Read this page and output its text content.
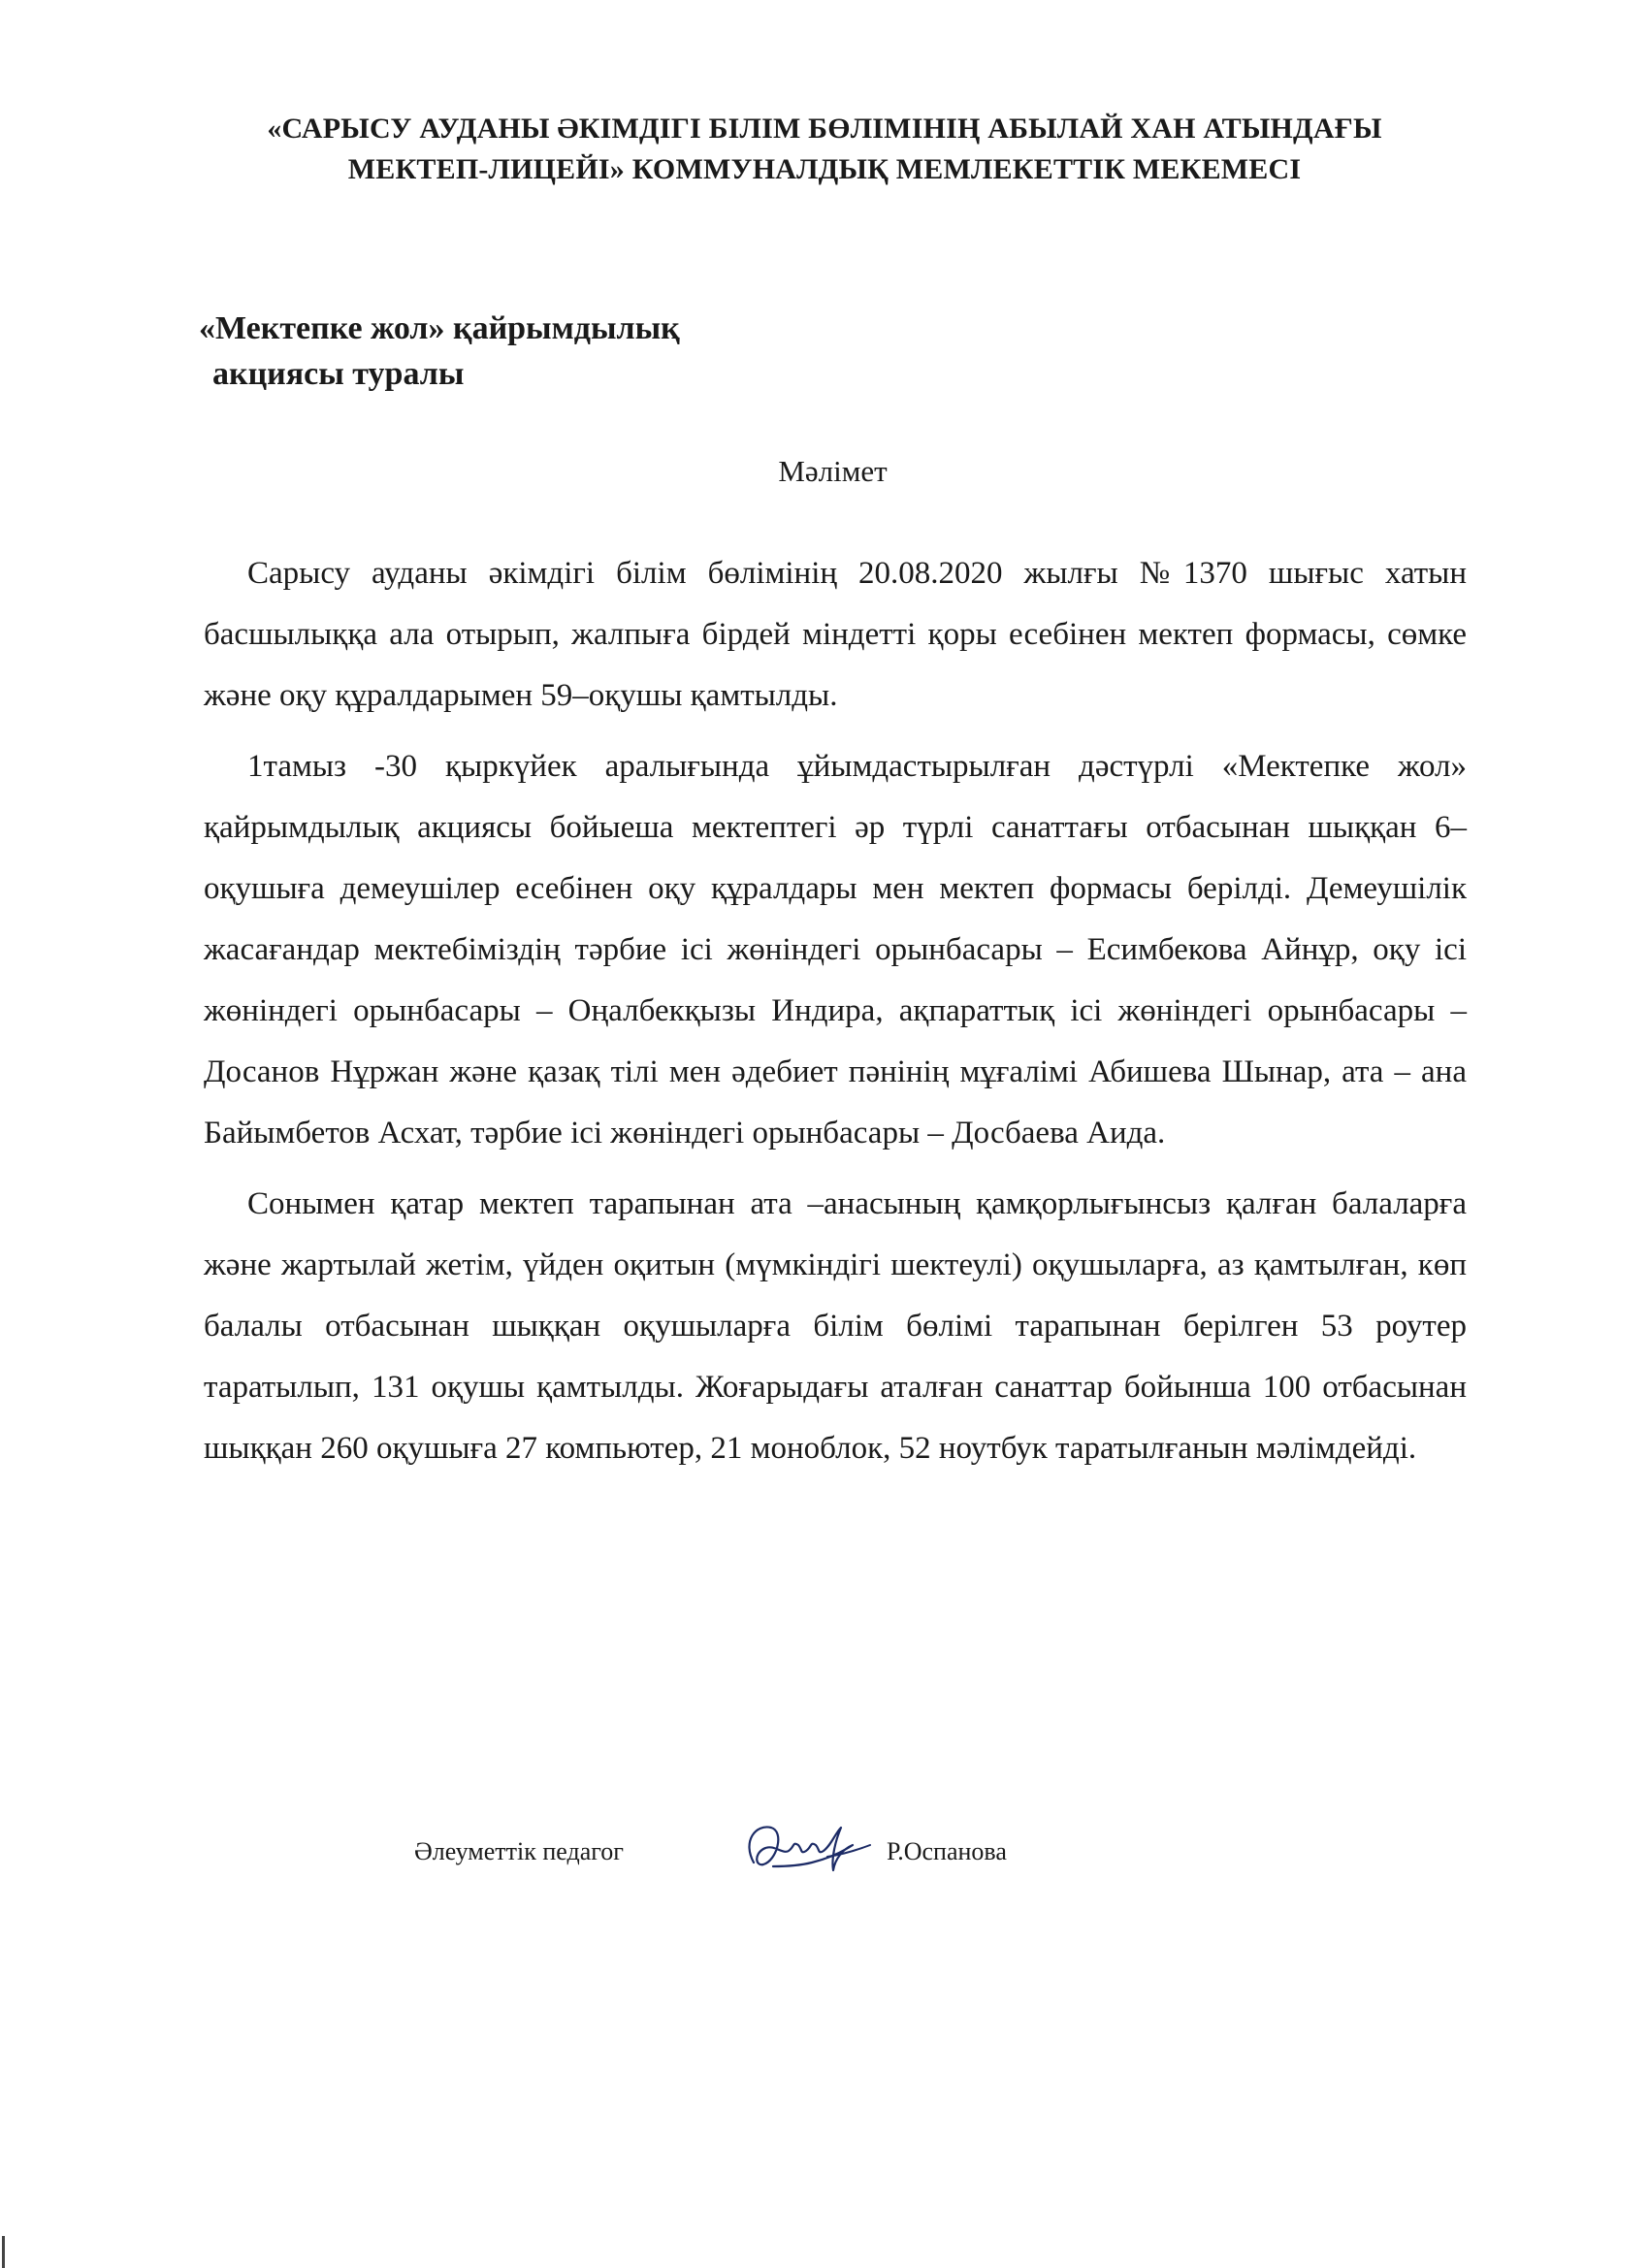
«САРЫСУ АУДАНЫ ӘКІМДІГІ БІЛІМ БӨЛІМІНІҢ АБЫЛАЙ ХАН АТЫНДАҒЫ
МЕКТЕП-ЛИЦЕЙІ» КОММУНАЛДЫҚ МЕМЛЕКЕТТІК МЕКЕМЕСІ
«Мектепке жол» қайрымдылық
акциясы туралы
Мәлімет

Сарысу ауданы әкімдігі білім бөлімінің 20.08.2020 жылғы №1370 шығыс хатын басшылыққа ала отырып, жалпыға бірдей міндетті қоры есебінен мектеп формасы, сөмке және оқу құралдарымен 59–оқушы қамтылды.

1тамыз -30 қыркүйек аралығында ұйымдастырылған дәстүрлі «Мектепке жол» қайрымдылық акциясы бойыеша мектептегі әр түрлі санаттағы отбасынан шыққан 6–оқушыға демеушілер есебінен оқу құралдары мен мектеп формасы берілді. Демеушілік жасағандар мектебіміздің тәрбие ісі жөніндегі орынбасары – Есимбекова Айнұр, оқу ісі жөніндегі орынбасары – Оңалбекқызы Индира, ақпараттық ісі жөніндегі орынбасары – Досанов Нұржан және қазақ тілі мен әдебиет пәнінің мұғалімі Абишева Шынар, ата – ана Байымбетов Асхат, тәрбие ісі жөніндегі орынбасары – Досбаева Аида.

Сонымен қатар мектеп тарапынан ата –анасының қамқорлығынсыз қалған балаларға және жартылай жетім, үйден оқитын (мүмкіндігі шектеулі) оқушыларға, аз қамтылған, көп балалы отбасынан шыққан оқушыларға білім бөлімі тарапынан берілген 53 роутер таратылып, 131 оқушы қамтылды. Жоғарыдағы аталған санаттар бойынша 100 отбасынан шыққан 260 оқушыға 27 компьютер, 21 моноблок, 52 ноутбук таратылғанын мәлімдейді.

Әлеуметтік педагог	Р.Оспанова
